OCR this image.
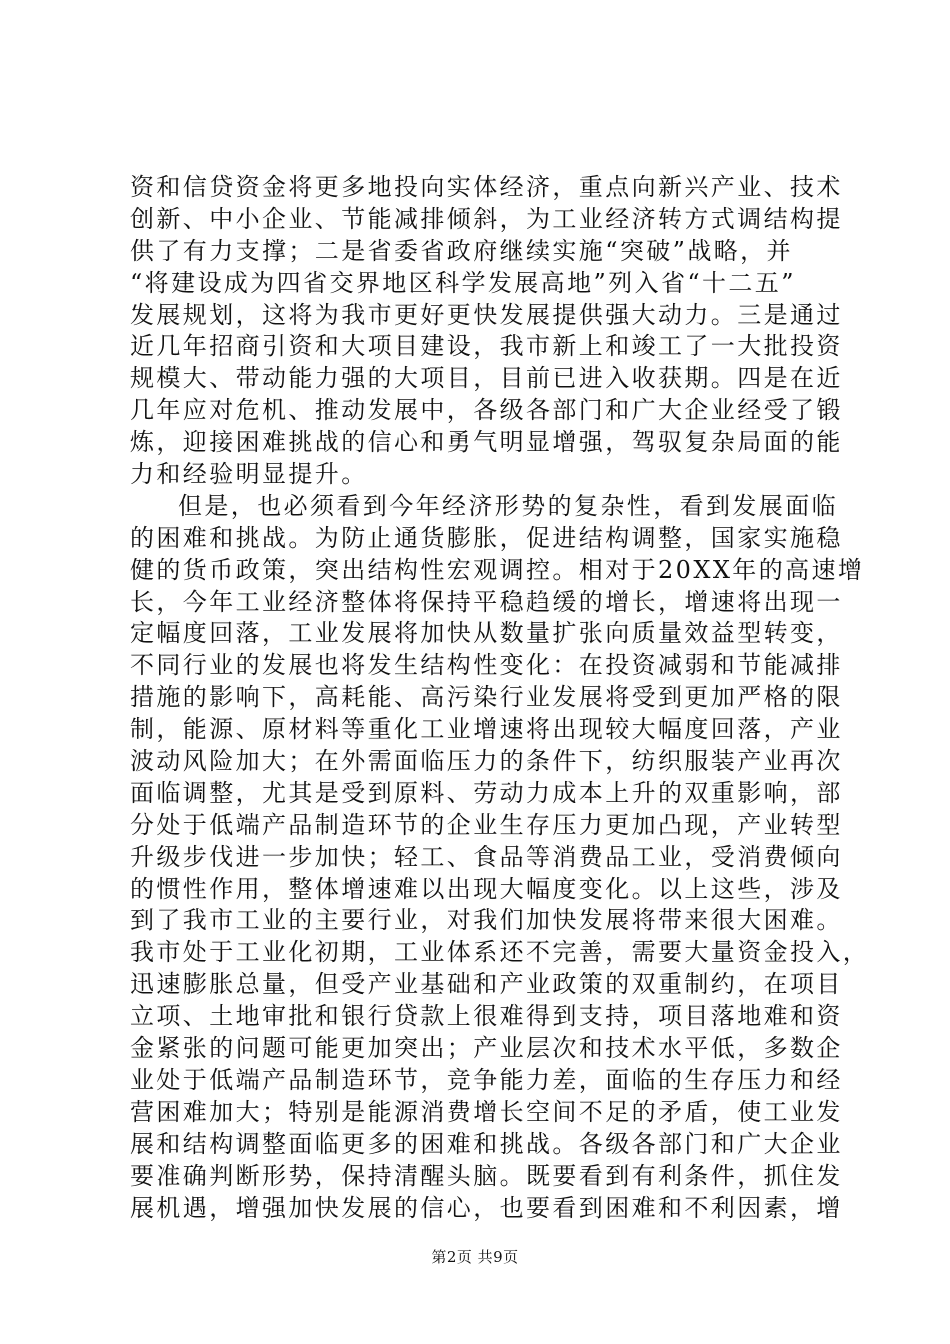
资和信贷资金将更多地投向实体经济，重点向新兴产业、技术
创新、中小企业、节能减排倾斜，为工业经济转方式调结构提
供了有力支撑；二是省委省政府继续实施“突破”战略，并
“将建设成为四省交界地区科学发展高地”列入省“十二五”
发展规划，这将为我市更好更快发展提供强大动力。三是通过
近几年招商引资和大项目建设，我市新上和竣工了一大批投资
规模大、带动能力强的大项目，目前已进入收获期。四是在近
几年应对危机、推动发展中，各级各部门和广大企业经受了锻
炼，迎接困难挑战的信心和勇气明显增强，驾驭复杂局面的能
力和经验明显提升。
但是，也必须看到今年经济形势的复杂性，看到发展面临
的困难和挑战。为防止通货膨胀，促进结构调整，国家实施稳
健的货币政策，突出结构性宏观调控。相对于20XX年的高速增
长，今年工业经济整体将保持平稳趋缓的增长，增速将出现一
定幅度回落，工业发展将加快从数量扩张向质量效益型转变，
不同行业的发展也将发生结构性变化：在投资减弱和节能减排
措施的影响下，高耗能、高污染行业发展将受到更加严格的限
制，能源、原材料等重化工业增速将出现较大幅度回落，产业
波动风险加大；在外需面临压力的条件下，纺织服装产业再次
面临调整，尤其是受到原料、劳动力成本上升的双重影响，部
分处于低端产品制造环节的企业生存压力更加凸现，产业转型
升级步伐进一步加快；轻工、食品等消费品工业，受消费倾向
的惯性作用，整体增速难以出现大幅度变化。以上这些，涉及
到了我市工业的主要行业，对我们加快发展将带来很大困难。
我市处于工业化初期，工业体系还不完善，需要大量资金投入，
迅速膨胀总量，但受产业基础和产业政策的双重制约，在项目
立项、土地审批和银行贷款上很难得到支持，项目落地难和资
金紧张的问题可能更加突出；产业层次和技术水平低，多数企
业处于低端产品制造环节，竞争能力差，面临的生存压力和经
营困难加大；特别是能源消费增长空间不足的矛盾，使工业发
展和结构调整面临更多的困难和挑战。各级各部门和广大企业
要准确判断形势，保持清醒头脑。既要看到有利条件，抓住发
展机遇，增强加快发展的信心，也要看到困难和不利因素，增
第2页 共9页
